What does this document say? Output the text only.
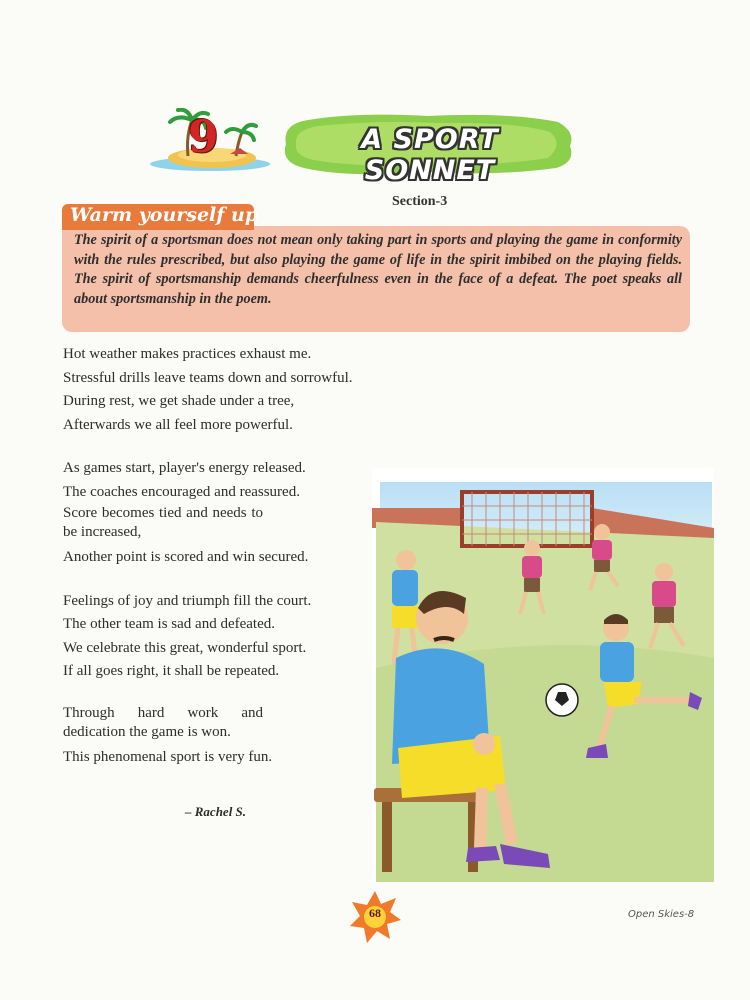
9	A SPORT SONNET
Section-3
Warm yourself up
The spirit of a sportsman does not mean only taking part in sports and playing the game in conformity with the rules prescribed, but also playing the game of life in the spirit imbibed on the playing fields. The spirit of sportsmanship demands cheerfulness even in the face of a defeat. The poet speaks all about sportsmanship in the poem.
Hot weather makes practices exhaust me.
Stressful drills leave teams down and sorrowful.
During rest, we get shade under a tree,
Afterwards we all feel more powerful.
As games start, player's energy released.
The coaches encouraged and reassured.
Score becomes tied and needs to be increased,
Another point is scored and win secured.
Feelings of joy and triumph fill the court.
The other team is sad and defeated.
We celebrate this great, wonderful sport.
If all goes right, it shall be repeated.
Through hard work and dedication the game is won.
This phenomenal sport is very fun.
– Rachel S.
68	Open Skies-8
